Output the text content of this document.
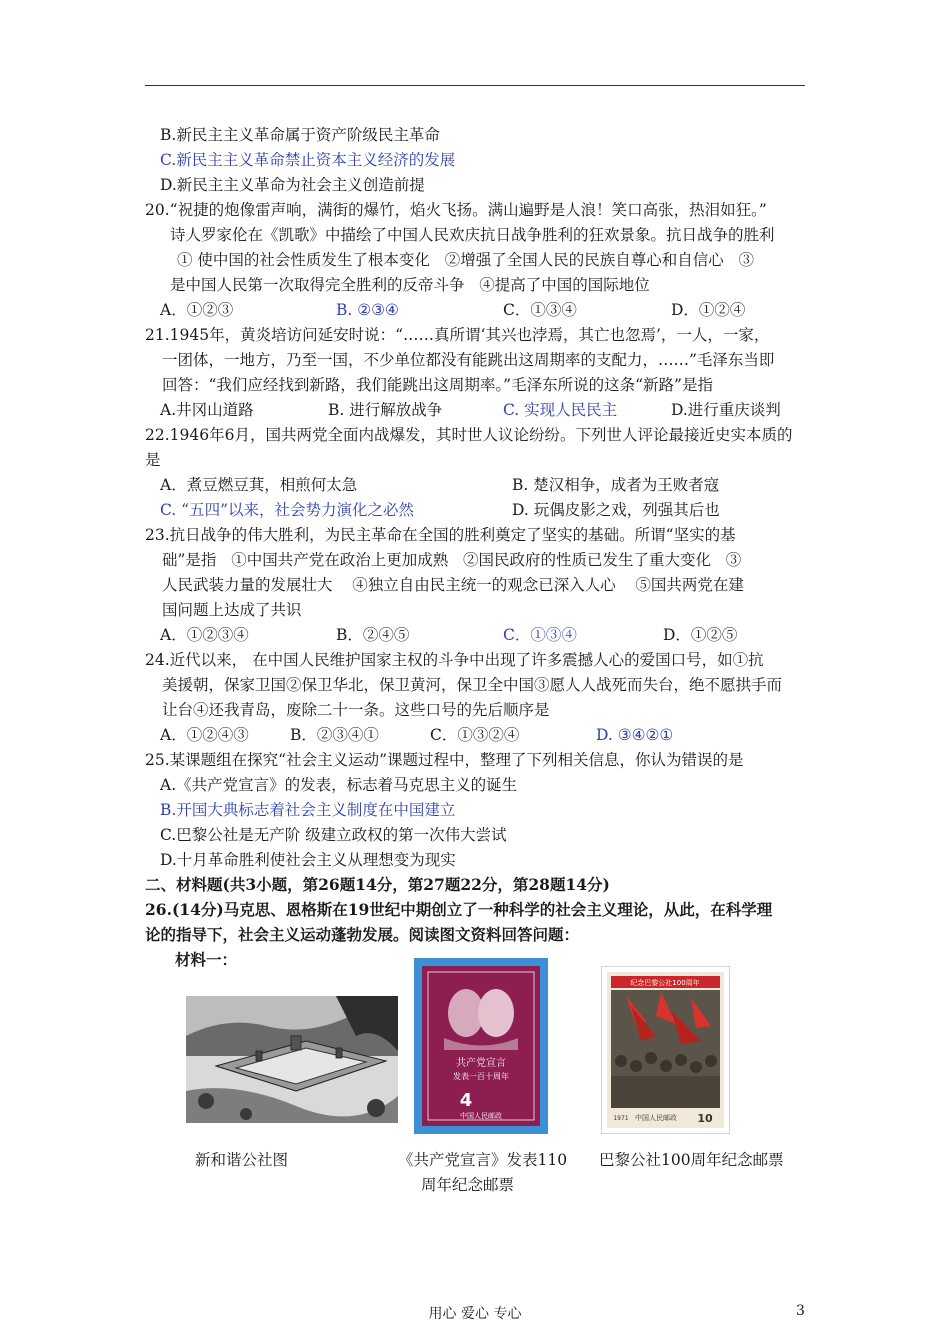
B.新民主主义革命属于资产阶级民主革命
C.新民主主义革命禁止资本主义经济的发展
D.新民主主义革命为社会主义创造前提
20.“祝捷的炮像雷声响，满街的爆竹，焰火飞扬。满山遍野是人浪！笑口高张，热泪如狂。”
诗人罗家伦在《凯歌》中描绘了中国人民欢庆抗日战争胜利的狂欢景象。抗日战争的胜利
① 使中国的社会性质发生了根本变化   ②增强了全国人民的民族自尊心和自信心   ③
是中国人民第一次取得完全胜利的反帝斗争   ④提高了中国的国际地位
A．①②③	B. ②③④	C．①③④	D．①②④
21.1945年，黄炎培访问延安时说：“……真所谓‘其兴也浡焉，其亡也忽焉’，一人，一家，
一团体，一地方，乃至一国，不少单位都没有能跳出这周期率的支配力，……”毛泽东当即
回答：“我们应经找到新路，我们能跳出这周期率。”毛泽东所说的这条“新路”是指
A.井冈山道路	B. 进行解放战争	C. 实现人民民主	D.进行重庆谈判
22.1946年6月，国共两党全面内战爆发，其时世人议论纷纷。下列世人评论最接近史实本质的
是
A．煮豆燃豆萁，相煎何太急	B. 楚汉相争，成者为王败者寇
C. “五四”以来，社会势力演化之必然	D. 玩偶皮影之戏，列强其后也
23.抗日战争的伟大胜利，为民主革命在全国的胜利奠定了坚实的基础。所谓“坚实的基
础”是指   ①中国共产党在政治上更加成熟   ②国民政府的性质已发生了重大变化   ③
人民武装力量的发展壮大    ④独立自由民主统一的观念已深入人心    ⑤国共两党在建
国问题上达成了共识
A．①②③④	B．②④⑤	C．①③④	D．①②⑤
24.近代以来， 在中国人民维护国家主权的斗争中出现了许多震撼人心的爱国口号，如①抗
美援朝，保家卫国②保卫华北，保卫黄河，保卫全中国③愿人人战死而失台，绝不愿拱手而
让台④还我青岛，废除二十一条。这些口号的先后顺序是
A．①②④③	B．②③④①	C．①③②④	D. ③④②①
25.某课题组在探究“社会主义运动”课题过程中，整理了下列相关信息，你认为错误的是
A.《共产党宣言》的发表，标志着马克思主义的诞生
B.开国大典标志着社会主义制度在中国建立
C.巴黎公社是无产阶 级建立政权的第一次伟大尝试
D.十月革命胜利使社会主义从理想变为现实
二、材料题(共3小题，第26题14分，第27题22分，第28题14分)
26.(14分)马克思、恩格斯在19世纪中期创立了一种科学的社会主义理论，从此，在科学理
论的指导下，社会主义运动蓬勃发展。阅读图文资料回答问题：
材料一：
共产党宣言
发表一百十周年
4
中国人民邮政
纪念巴黎公社100周年
中国人民邮政
1971	10
新和谐公社图	《共产党宣言》发表110
周年纪念邮票
巴黎公社100周年纪念邮票
用心 爱心 专心	3
